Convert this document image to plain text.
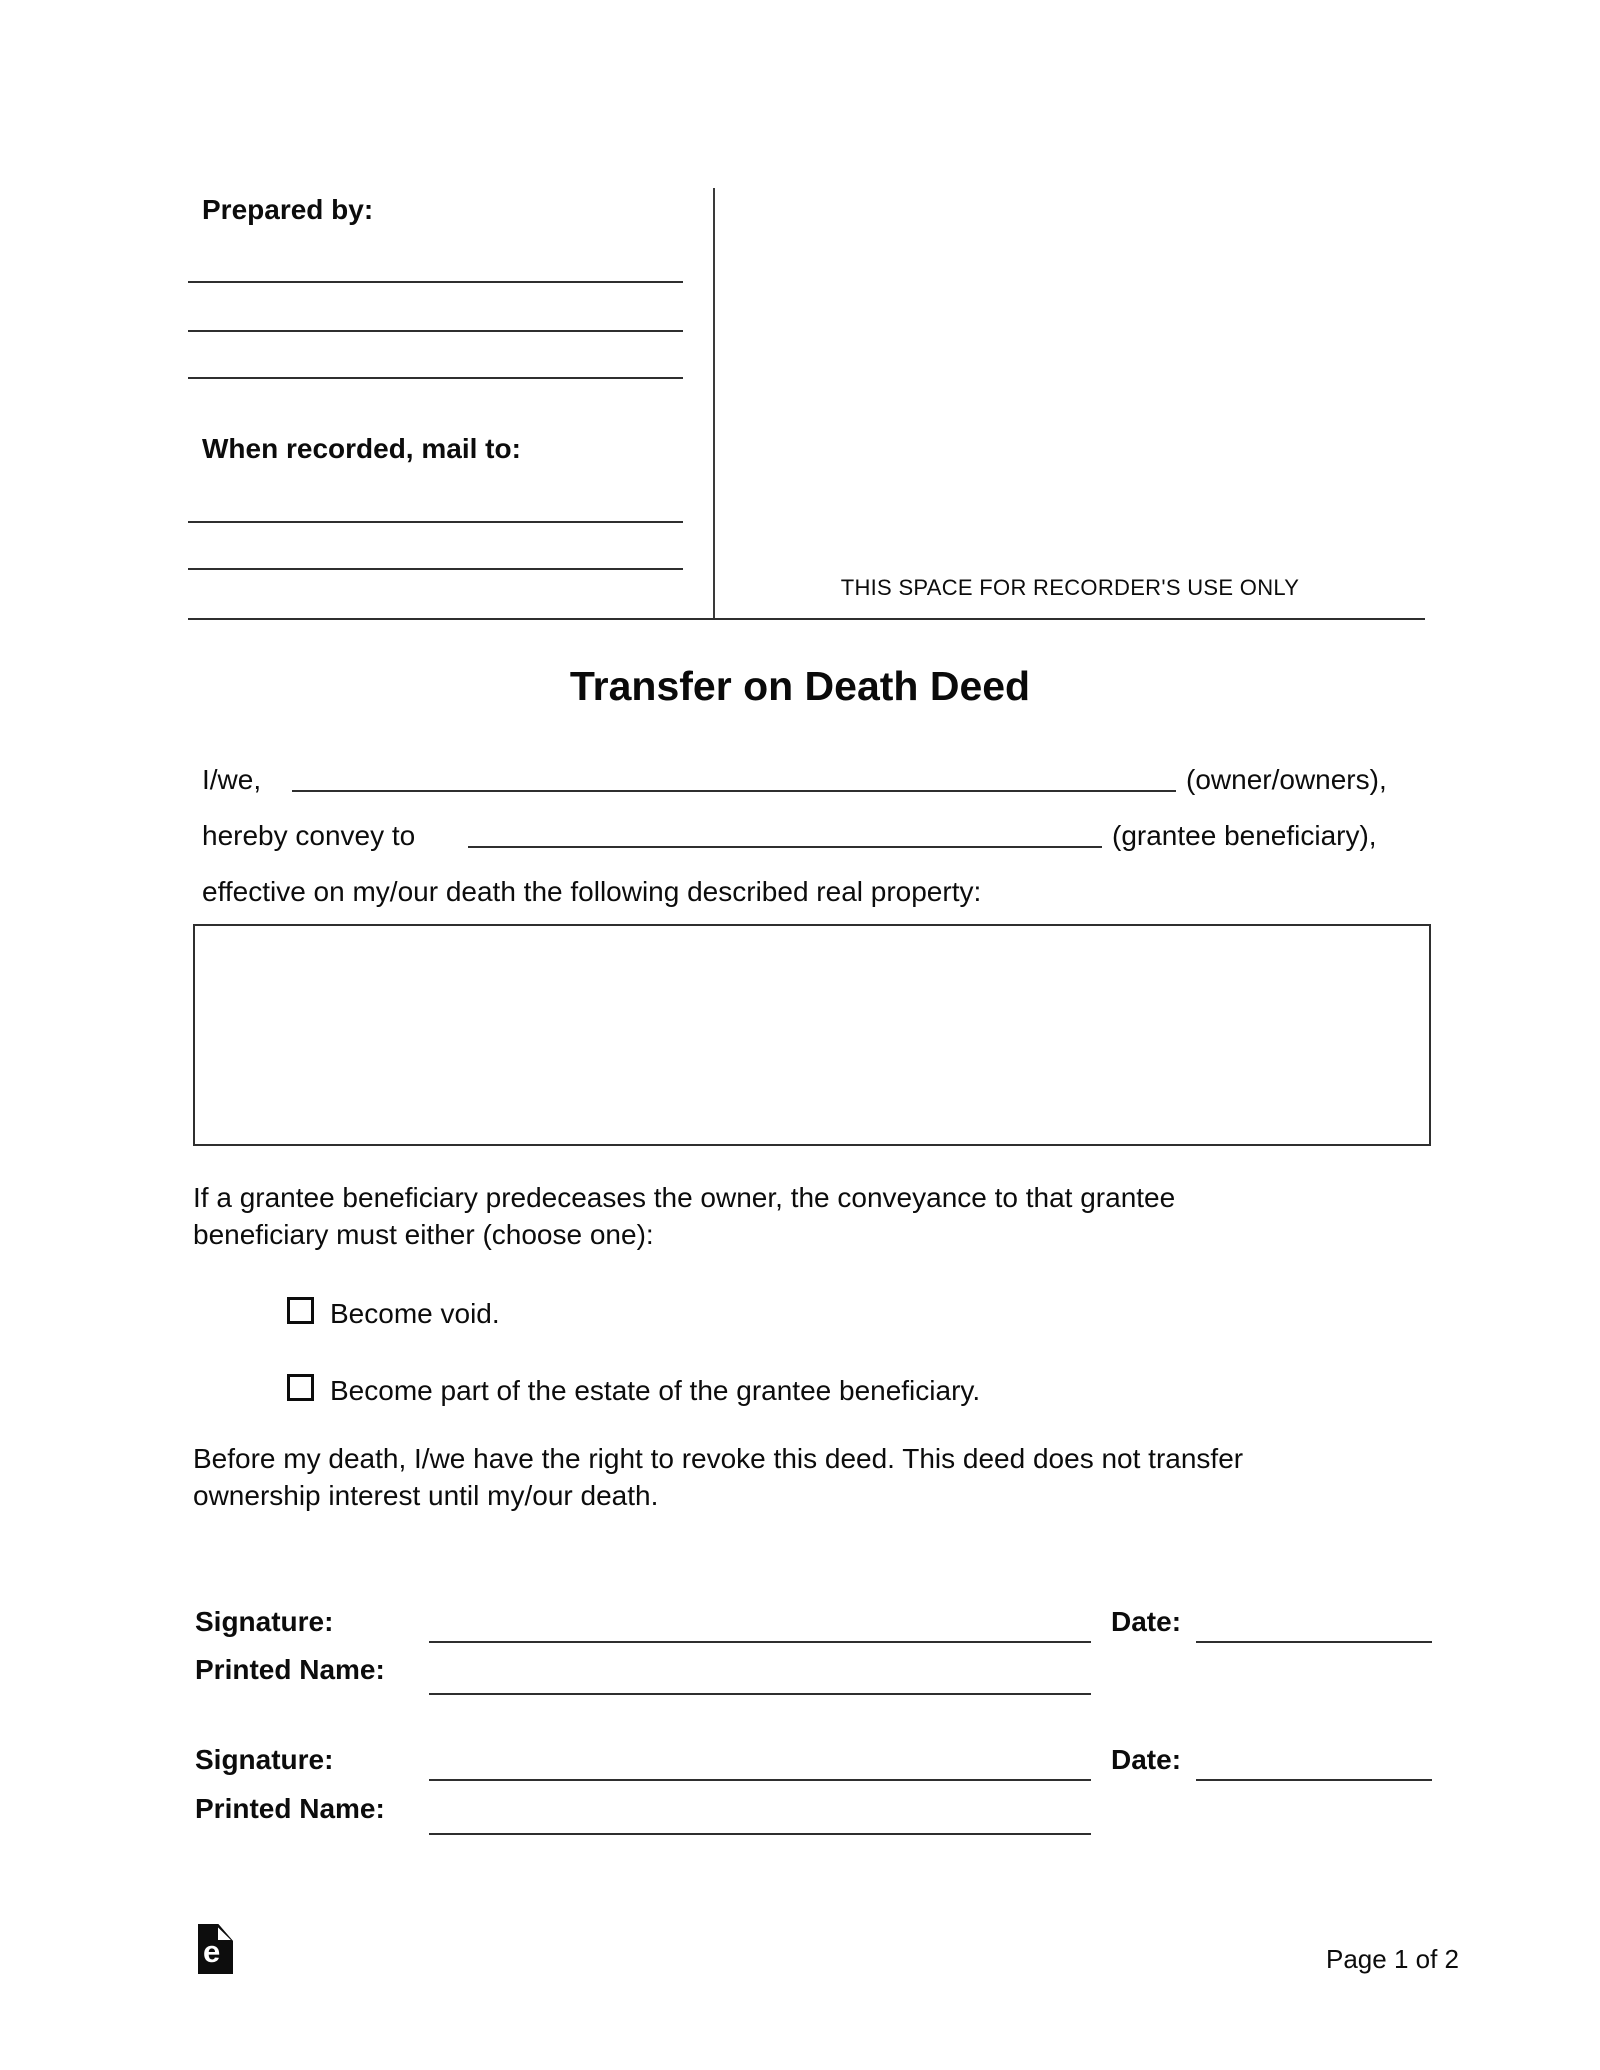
Prepared by:
When recorded, mail to:
THIS SPACE FOR RECORDER'S USE ONLY
Transfer on Death Deed
I/we,	(owner/owners),
hereby convey to	(grantee beneficiary),
effective on my/our death the following described real property:
If a grantee beneficiary predeceases the owner, the conveyance to that grantee
beneficiary must either (choose one):
Become void.
Become part of the estate of the grantee beneficiary.
Before my death, I/we have the right to revoke this deed. This deed does not transfer
ownership interest until my/our death.
Signature:	Date:
Printed Name:
Signature:	Date:
Printed Name:
e	Page 1 of 2
